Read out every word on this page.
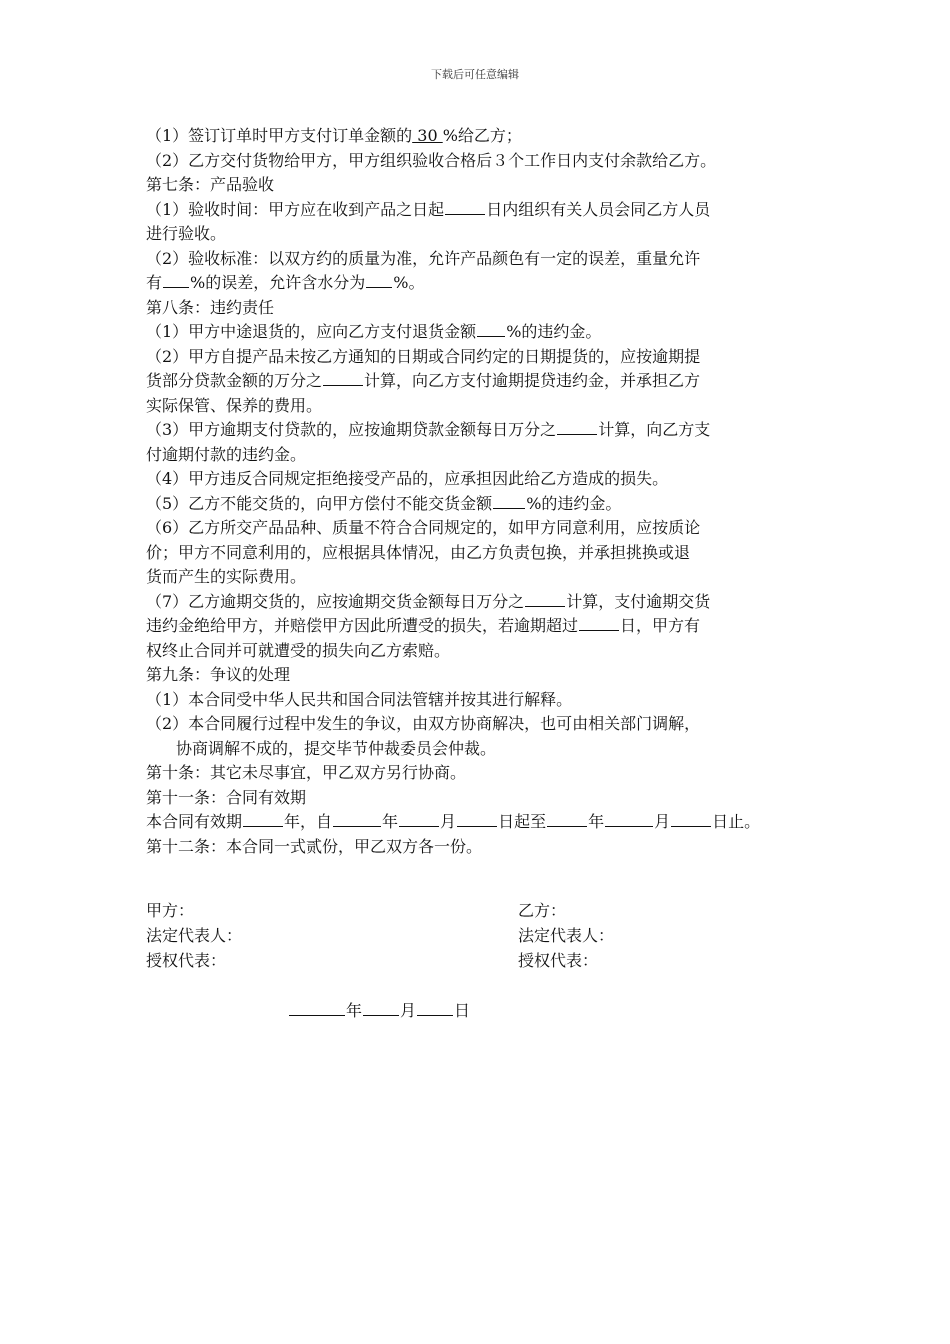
下载后可任意编辑
（1）签订订单时甲方支付订单金额的 30 %给乙方；
（2）乙方交付货物给甲方，甲方组织验收合格后３个工作日内支付余款给乙方。
第七条：产品验收
（1）验收时间：甲方应在收到产品之日起	日内组织有关人员会同乙方人员
进行验收。
（2）验收标准：以双方约的质量为准，允许产品颜色有一定的误差，重量允许
有 %的误差，允许含水分为 %。
第八条：违约责任
（1）甲方中途退货的，应向乙方支付退货金额 %的违约金。
（2）甲方自提产品未按乙方通知的日期或合同约定的日期提货的，应按逾期提
货部分贷款金额的万分之	计算，向乙方支付逾期提贷违约金，并承担乙方
实际保管、保养的费用。
（3）甲方逾期支付贷款的，应按逾期贷款金额每日万分之	计算，向乙方支
付逾期付款的违约金。
（4）甲方违反合同规定拒绝接受产品的，应承担因此给乙方造成的损失。
（5）乙方不能交货的，向甲方偿付不能交货金额 %的违约金。
（6）乙方所交产品品种、质量不符合合同规定的，如甲方同意利用，应按质论
价；甲方不同意利用的，应根据具体情况，由乙方负责包换，并承担挑换或退
货而产生的实际费用。
（7）乙方逾期交货的，应按逾期交货金额每日万分之	计算，支付逾期交货
违约金绝给甲方，并赔偿甲方因此所遭受的损失，若逾期超过	日，甲方有
权终止合同并可就遭受的损失向乙方索赔。
第九条：争议的处理
（1）本合同受中华人民共和国合同法管辖并按其进行解释。
（2）本合同履行过程中发生的争议，由双方协商解决，也可由相关部门调解，
协商调解不成的，提交毕节仲裁委员会仲裁。
第十条：其它未尽事宜，甲乙双方另行协商。
第十一条：合同有效期
本合同有效期	年，自	年	月	日起至	年	月	日止。
第十二条：本合同一式贰份，甲乙双方各一份。
甲方：	乙方：
法定代表人：	法定代表人：
授权代表：	授权代表：
年 月 日
